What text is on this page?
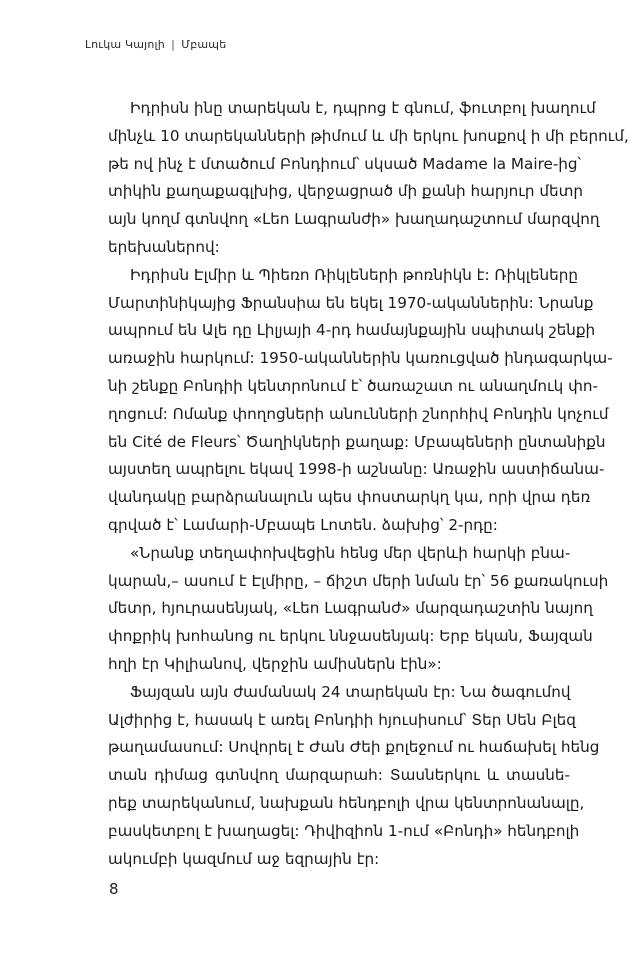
Լուկա Կայոլի | Մբապե

Իդրիսն ինը տարեկան է, դպրոց է գնում, ֆուտբոլ խաղում
մինչև 10 տարեկանների թիմում և մի երկու խոսքով ի մի բերում,
թե ով ինչ է մտածում Բոնդիում՝ սկսած Madame la Maire-ից՝
տիկին քաղաքագլխից, վերջացրած մի քանի հարյուր մետր
այն կողմ գտնվող «Լեո Լագրանժի» խաղադաշտում մարզվող
երեխաներով:

Իդրիսն Էլմիր և Պիեռո Ռիկլեների թոռնիկն է: Ռիկլեները
Մարտինիկայից Ֆրանսիա են եկել 1970-ականներին: Նրանք
ապրում են Ալե դը Լիլյայի 4-րդ համայնքային սպիտակ շենքի
առաջին հարկում: 1950-ականներին կառուցված ինդագարկա-
նի շենքը Բոնդիի կենտրոնում է՝ ծառաշատ ու անաղմուկ փո-
ղոցում: Ոմանք փողոցների անունների շնորհիվ Բոնդին կոչում
են Cité de Fleurs՝ Ծաղիկների քաղաք: Մբապեների ընտանիքն
այստեղ ապրելու եկավ 1998-ի աշնանը: Առաջին աստիճանա-
վանդակը բարձրանալուն պես փոստարկղ կա, որի վրա դեռ
գրված է՝ Լամարի-Մբապե Լոտեն. ձախից՝ 2-րդը:

«Նրանք տեղափոխվեցին հենց մեր վերևի հարկի բնա-
կարան,– ասում է Էլմիրը, – ճիշտ մերի նման էր՝ 56 քառակուսի
մետր, հյուրասենյակ, «Լեո Լագրանժ» մարզադաշտին նայող
փոքրիկ խոհանոց ու երկու ննջասենյակ: Երբ եկան, Ֆայզան
հղի էր Կիլիանով, վերջին ամիսներն էին»:

Ֆայզան այն ժամանակ 24 տարեկան էր: Նա ծագումով
Ալժիրից է, հասակ է առել Բոնդիի հյուսիսում՝ Տեր Սեն Բլեզ
թաղամասում: Սովորել է Ժան Ժեի քոլեջում ու հաճախել հենց
տան դիմաց գտնվող մարզարահ: Տասներկու և տասնե-
րեք տարեկանում, նախքան հենդբոլի վրա կենտրոնանալը,
բասկետբոլ է խաղացել: Դիվիզիոն 1-ում «Բոնդի» հենդբոլի
ակումբի կազմում աջ եզրային էր:

8
